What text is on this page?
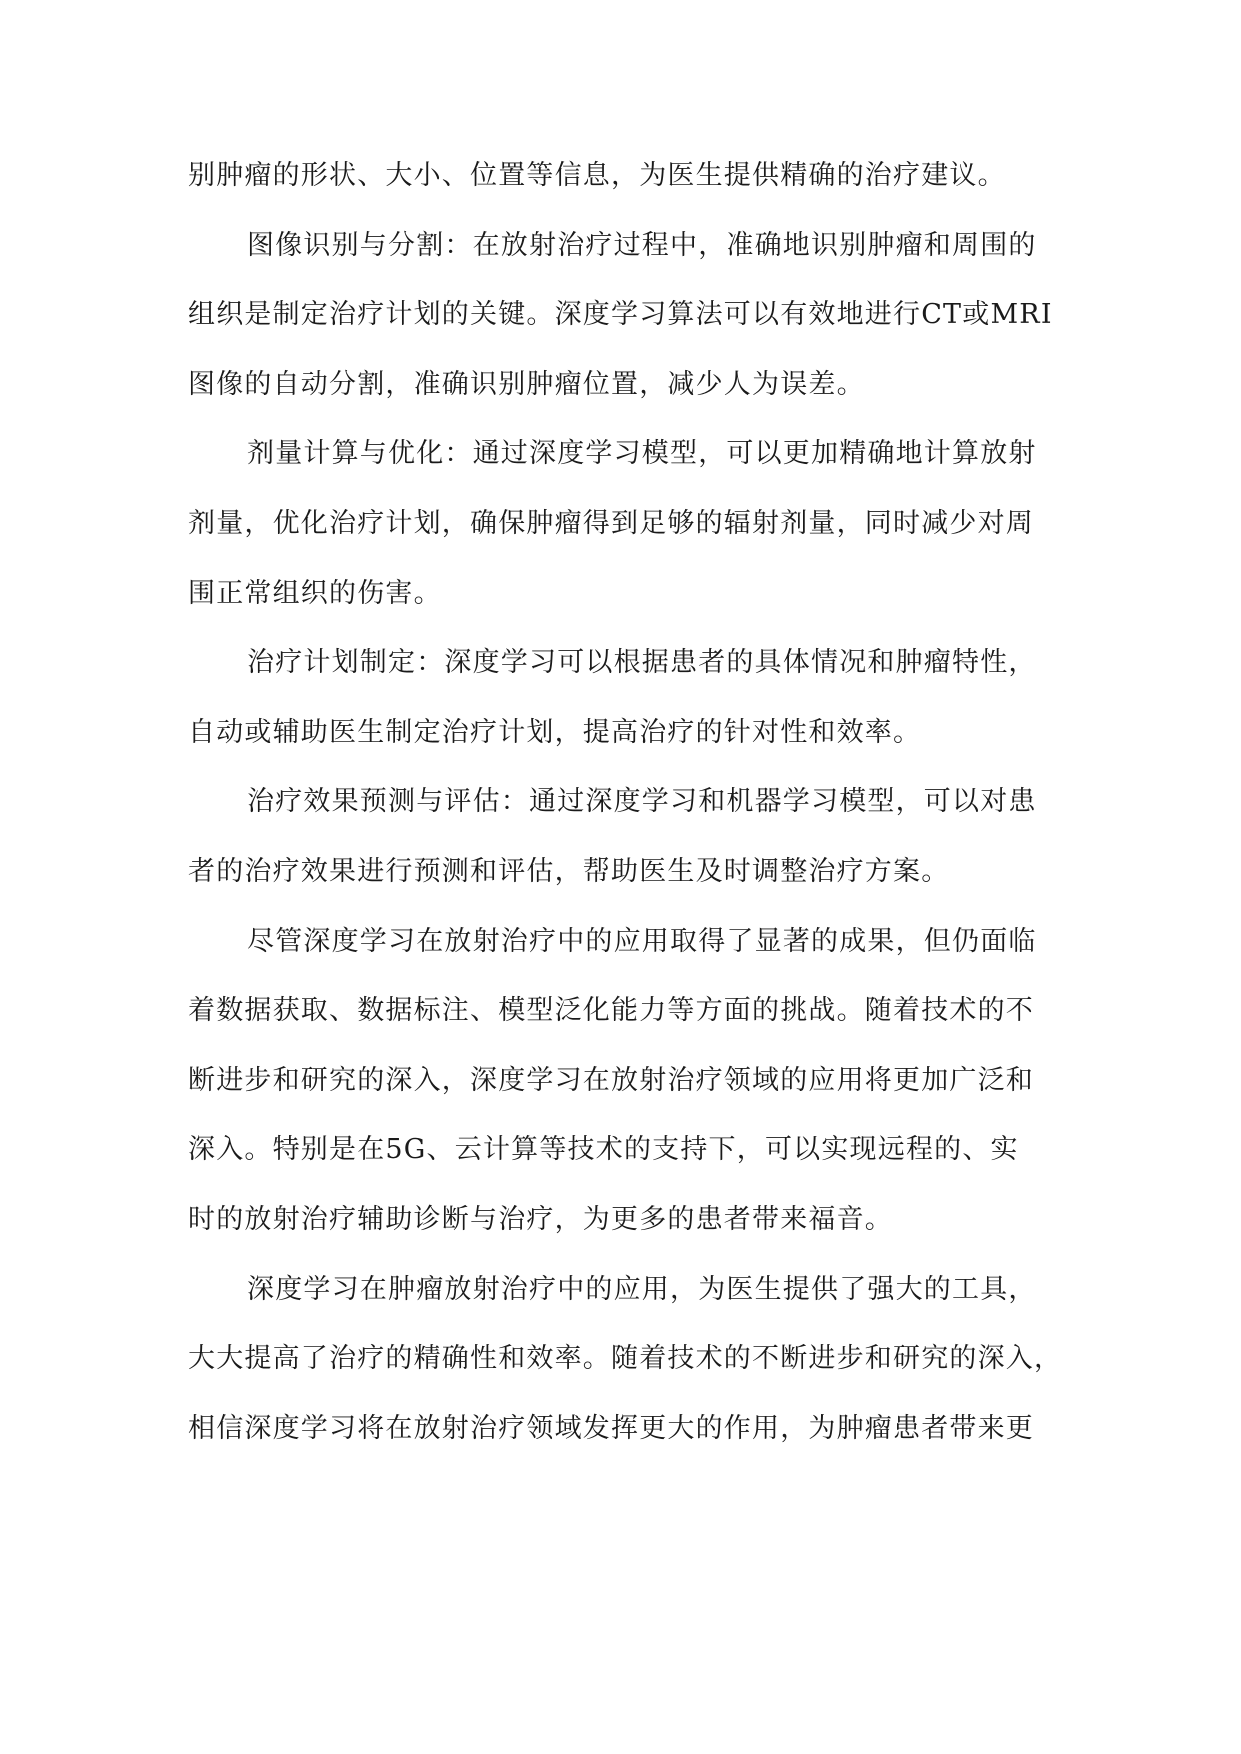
别肿瘤的形状、大小、位置等信息，为医生提供精确的治疗建议。
图像识别与分割：在放射治疗过程中，准确地识别肿瘤和周围的
组织是制定治疗计划的关键。深度学习算法可以有效地进行CT或MRI
图像的自动分割，准确识别肿瘤位置，减少人为误差。
剂量计算与优化：通过深度学习模型，可以更加精确地计算放射
剂量，优化治疗计划，确保肿瘤得到足够的辐射剂量，同时减少对周
围正常组织的伤害。
治疗计划制定：深度学习可以根据患者的具体情况和肿瘤特性，
自动或辅助医生制定治疗计划，提高治疗的针对性和效率。
治疗效果预测与评估：通过深度学习和机器学习模型，可以对患
者的治疗效果进行预测和评估，帮助医生及时调整治疗方案。
尽管深度学习在放射治疗中的应用取得了显著的成果，但仍面临
着数据获取、数据标注、模型泛化能力等方面的挑战。随着技术的不
断进步和研究的深入，深度学习在放射治疗领域的应用将更加广泛和
深入。特别是在5G、云计算等技术的支持下，可以实现远程的、实
时的放射治疗辅助诊断与治疗，为更多的患者带来福音。
深度学习在肿瘤放射治疗中的应用，为医生提供了强大的工具，
大大提高了治疗的精确性和效率。随着技术的不断进步和研究的深入，
相信深度学习将在放射治疗领域发挥更大的作用，为肿瘤患者带来更
